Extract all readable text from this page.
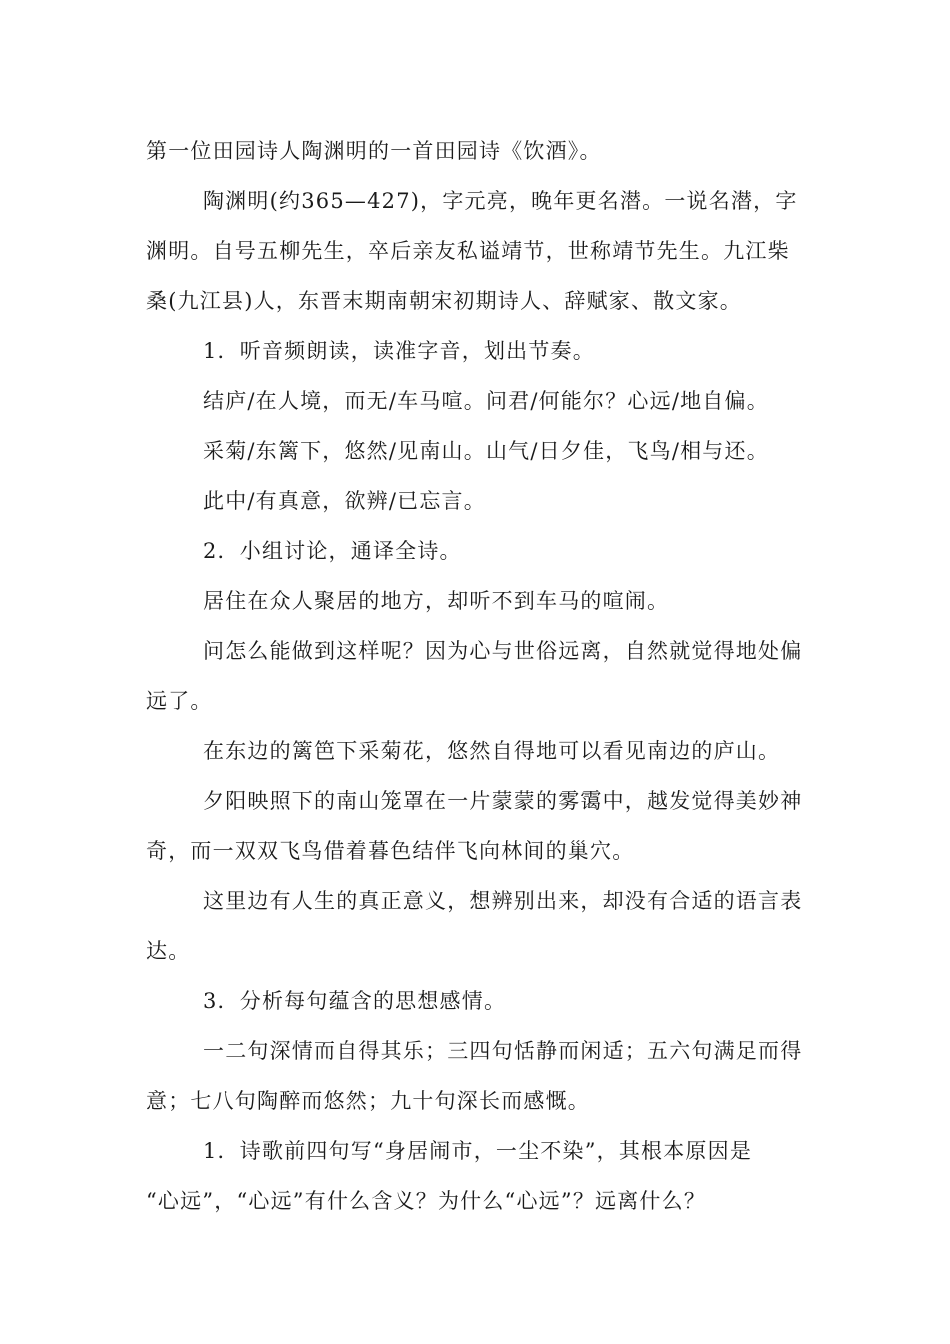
第一位田园诗人陶渊明的一首田园诗《饮酒》。
陶渊明(约365—427)，字元亮，晚年更名潜。一说名潜，字
渊明。自号五柳先生，卒后亲友私谥靖节，世称靖节先生。九江柴
桑(九江县)人，东晋末期南朝宋初期诗人、辞赋家、散文家。
1．听音频朗读，读准字音，划出节奏。
结庐/在人境，而无/车马喧。问君/何能尔？心远/地自偏。
采菊/东篱下，悠然/见南山。山气/日夕佳，飞鸟/相与还。
此中/有真意，欲辨/已忘言。
2．小组讨论，通译全诗。
居住在众人聚居的地方，却听不到车马的喧闹。
问怎么能做到这样呢？因为心与世俗远离，自然就觉得地处偏
远了。
在东边的篱笆下采菊花，悠然自得地可以看见南边的庐山。
夕阳映照下的南山笼罩在一片蒙蒙的雾霭中，越发觉得美妙神
奇，而一双双飞鸟借着暮色结伴飞向林间的巢穴。
这里边有人生的真正意义，想辨别出来，却没有合适的语言表
达。
3．分析每句蕴含的思想感情。
一二句深情而自得其乐；三四句恬静而闲适；五六句满足而得
意；七八句陶醉而悠然；九十句深长而感慨。
1．诗歌前四句写“身居闹市，一尘不染”，其根本原因是
“心远”，“心远”有什么含义？为什么“心远”？远离什么？
